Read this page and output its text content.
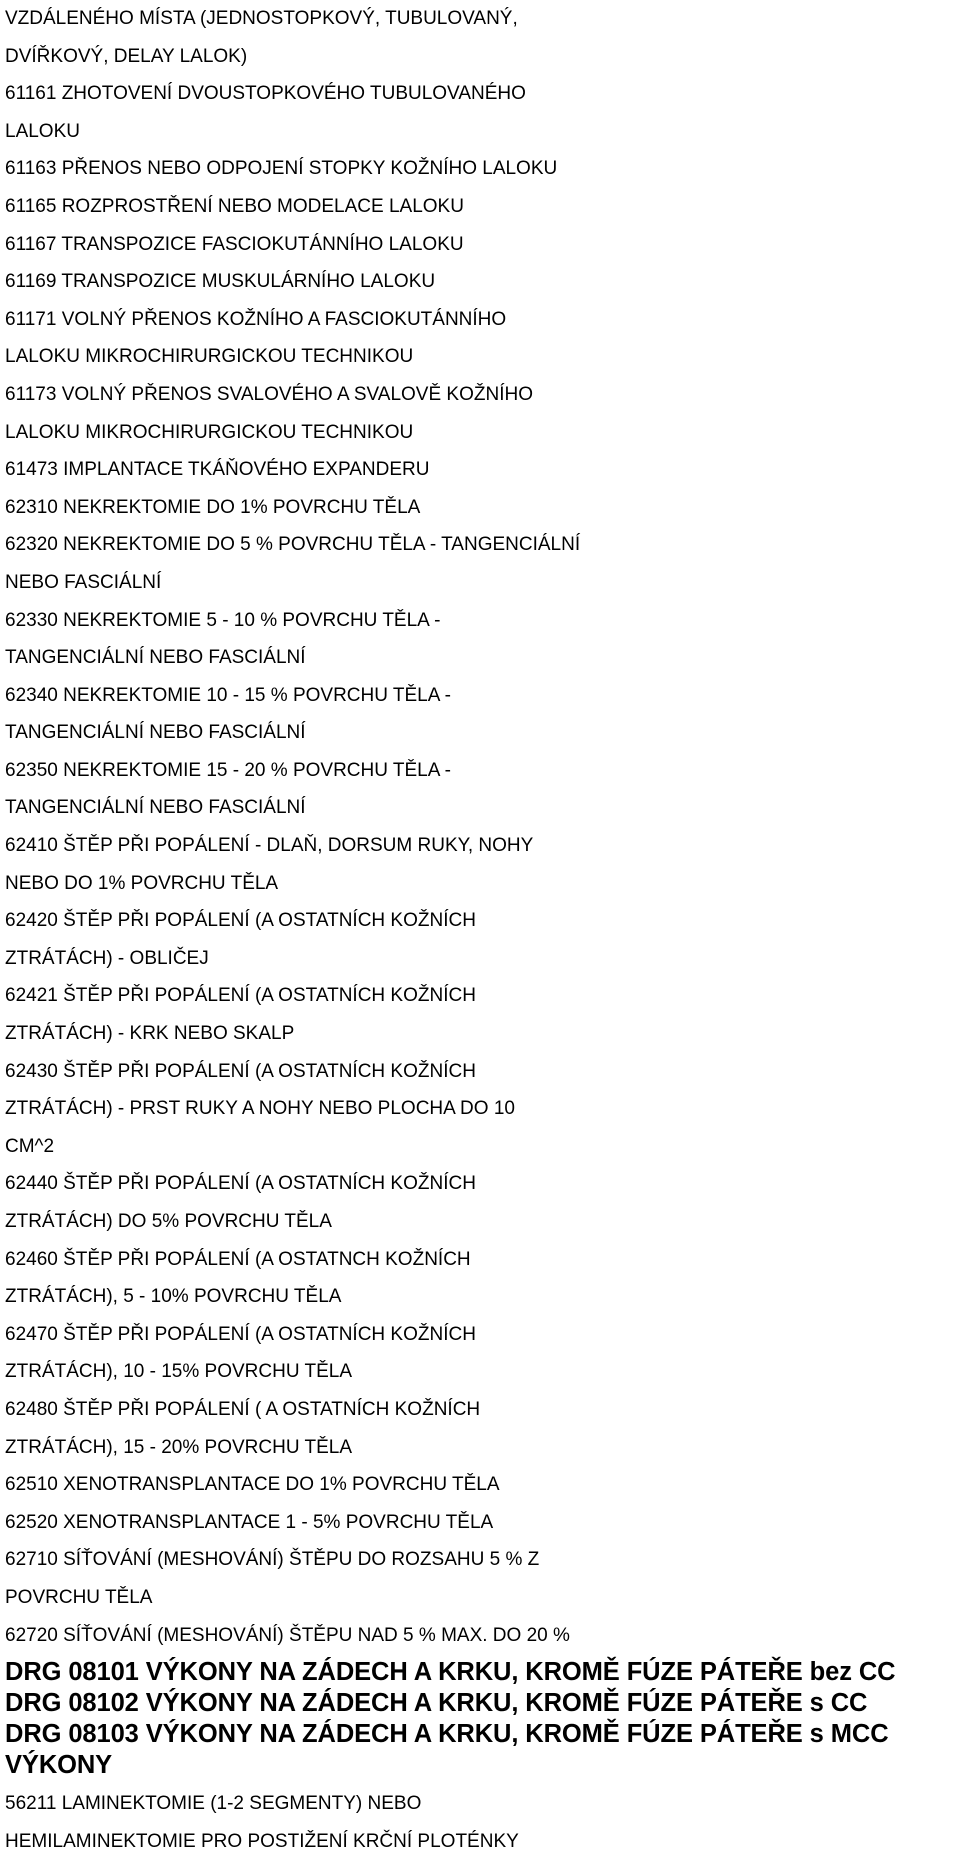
VZDÁLENÉHO MÍSTA (JEDNOSTOPKOVÝ, TUBULOVANÝ,
DVÍŘKOVÝ, DELAY LALOK)
61161 ZHOTOVENÍ DVOUSTOPKOVÉHO TUBULOVANÉHO
LALOKU
61163 PŘENOS NEBO ODPOJENÍ STOPKY KOŽNÍHO LALOKU
61165 ROZPROSTŘENÍ NEBO MODELACE LALOKU
61167 TRANSPOZICE FASCIOKUTÁNNÍHO LALOKU
61169 TRANSPOZICE MUSKULÁRNÍHO LALOKU
61171 VOLNÝ PŘENOS KOŽNÍHO A FASCIOKUTÁNNÍHO
LALOKU MIKROCHIRURGICKOU TECHNIKOU
61173 VOLNÝ PŘENOS SVALOVÉHO A SVALOVĚ KOŽNÍHO
LALOKU MIKROCHIRURGICKOU TECHNIKOU
61473 IMPLANTACE TKÁŇOVÉHO EXPANDERU
62310 NEKREKTOMIE DO 1% POVRCHU TĚLA
62320 NEKREKTOMIE DO 5 % POVRCHU TĚLA - TANGENCIÁLNÍ
NEBO FASCIÁLNÍ
62330 NEKREKTOMIE 5 - 10 % POVRCHU TĚLA -
TANGENCIÁLNÍ NEBO FASCIÁLNÍ
62340 NEKREKTOMIE 10 - 15 % POVRCHU TĚLA -
TANGENCIÁLNÍ NEBO FASCIÁLNÍ
62350 NEKREKTOMIE 15 - 20 % POVRCHU TĚLA -
TANGENCIÁLNÍ NEBO FASCIÁLNÍ
62410 ŠTĚP PŘI POPÁLENÍ - DLAŇ, DORSUM RUKY, NOHY
NEBO DO 1% POVRCHU TĚLA
62420 ŠTĚP PŘI POPÁLENÍ (A OSTATNÍCH KOŽNÍCH
ZTRÁTÁCH) - OBLIČEJ
62421 ŠTĚP PŘI POPÁLENÍ (A OSTATNÍCH KOŽNÍCH
ZTRÁTÁCH) - KRK NEBO SKALP
62430 ŠTĚP PŘI POPÁLENÍ (A OSTATNÍCH KOŽNÍCH
ZTRÁTÁCH) - PRST RUKY A NOHY NEBO PLOCHA DO 10
CM^2
62440 ŠTĚP PŘI POPÁLENÍ (A OSTATNÍCH KOŽNÍCH
ZTRÁTÁCH) DO 5% POVRCHU TĚLA
62460 ŠTĚP PŘI POPÁLENÍ (A OSTATNCH KOŽNÍCH
ZTRÁTÁCH), 5 - 10% POVRCHU TĚLA
62470 ŠTĚP PŘI POPÁLENÍ (A OSTATNÍCH KOŽNÍCH
ZTRÁTÁCH), 10 - 15% POVRCHU TĚLA
62480 ŠTĚP PŘI POPÁLENÍ ( A OSTATNÍCH KOŽNÍCH
ZTRÁTÁCH), 15 - 20% POVRCHU TĚLA
62510 XENOTRANSPLANTACE DO 1% POVRCHU TĚLA
62520 XENOTRANSPLANTACE 1 - 5% POVRCHU TĚLA
62710 SÍŤOVÁNÍ (MESHOVÁNÍ) ŠTĚPU DO ROZSAHU 5 % Z
POVRCHU TĚLA
62720 SÍŤOVÁNÍ (MESHOVÁNÍ) ŠTĚPU NAD 5 % MAX. DO 20 %
DRG 08101 VÝKONY NA ZÁDECH A KRKU, KROMĚ FÚZE PÁTEŘE bez CC
DRG 08102 VÝKONY NA ZÁDECH A KRKU, KROMĚ FÚZE PÁTEŘE s CC
DRG 08103 VÝKONY NA ZÁDECH A KRKU, KROMĚ FÚZE PÁTEŘE s MCC
VÝKONY
56211 LAMINEKTOMIE (1-2 SEGMENTY) NEBO
HEMILAMINEKTOMIE PRO POSTIŽENÍ KRČNÍ PLOTÉNKY
